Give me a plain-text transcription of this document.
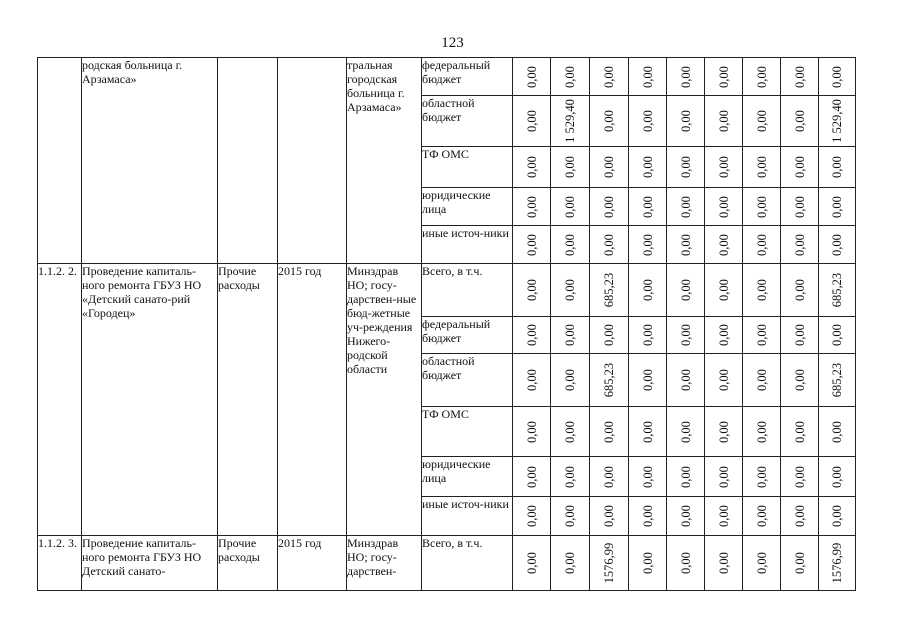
123

	родская больница г. Арзамаса»			тральная городская больница г. Арзамаса»	федеральный бюджет	0,00	0,00	0,00	0,00	0,00	0,00	0,00	0,00	0,00

					областной бюджет	0,00	1 529,40	0,00	0,00	0,00	0,00	0,00	0,00	1 529,40

					ТФ ОМС	0,00	0,00	0,00	0,00	0,00	0,00	0,00	0,00	0,00

					юридические лица	0,00	0,00	0,00	0,00	0,00	0,00	0,00	0,00	0,00

					иные источ-ники	0,00	0,00	0,00	0,00	0,00	0,00	0,00	0,00	0,00

1.1.2. 2.	Проведение капиталь-ного ремонта ГБУЗ НО «Детский санато-рий «Городец»	Прочие расходы	2015 год	Минздрав НО; госу-дарствен-ные бюд-жетные уч-реждения Нижего-родской области	Всего, в т.ч.	0,00	0,00	685,23	0,00	0,00	0,00	0,00	0,00	685,23

					федеральный бюджет	0,00	0,00	0,00	0,00	0,00	0,00	0,00	0,00	0,00

					областной бюджет	0,00	0,00	685,23	0,00	0,00	0,00	0,00	0,00	685,23

					ТФ ОМС	0,00	0,00	0,00	0,00	0,00	0,00	0,00	0,00	0,00

					юридические лица	0,00	0,00	0,00	0,00	0,00	0,00	0,00	0,00	0,00

					иные источ-ники	0,00	0,00	0,00	0,00	0,00	0,00	0,00	0,00	0,00

1.1.2. 3.	Проведение капиталь-ного ремонта ГБУЗ НО Детский санато-	Прочие расходы	2015 год	Минздрав НО; госу-дарствен-	Всего, в т.ч.	0,00	0,00	1576,99	0,00	0,00	0,00	0,00	0,00	1576,99
